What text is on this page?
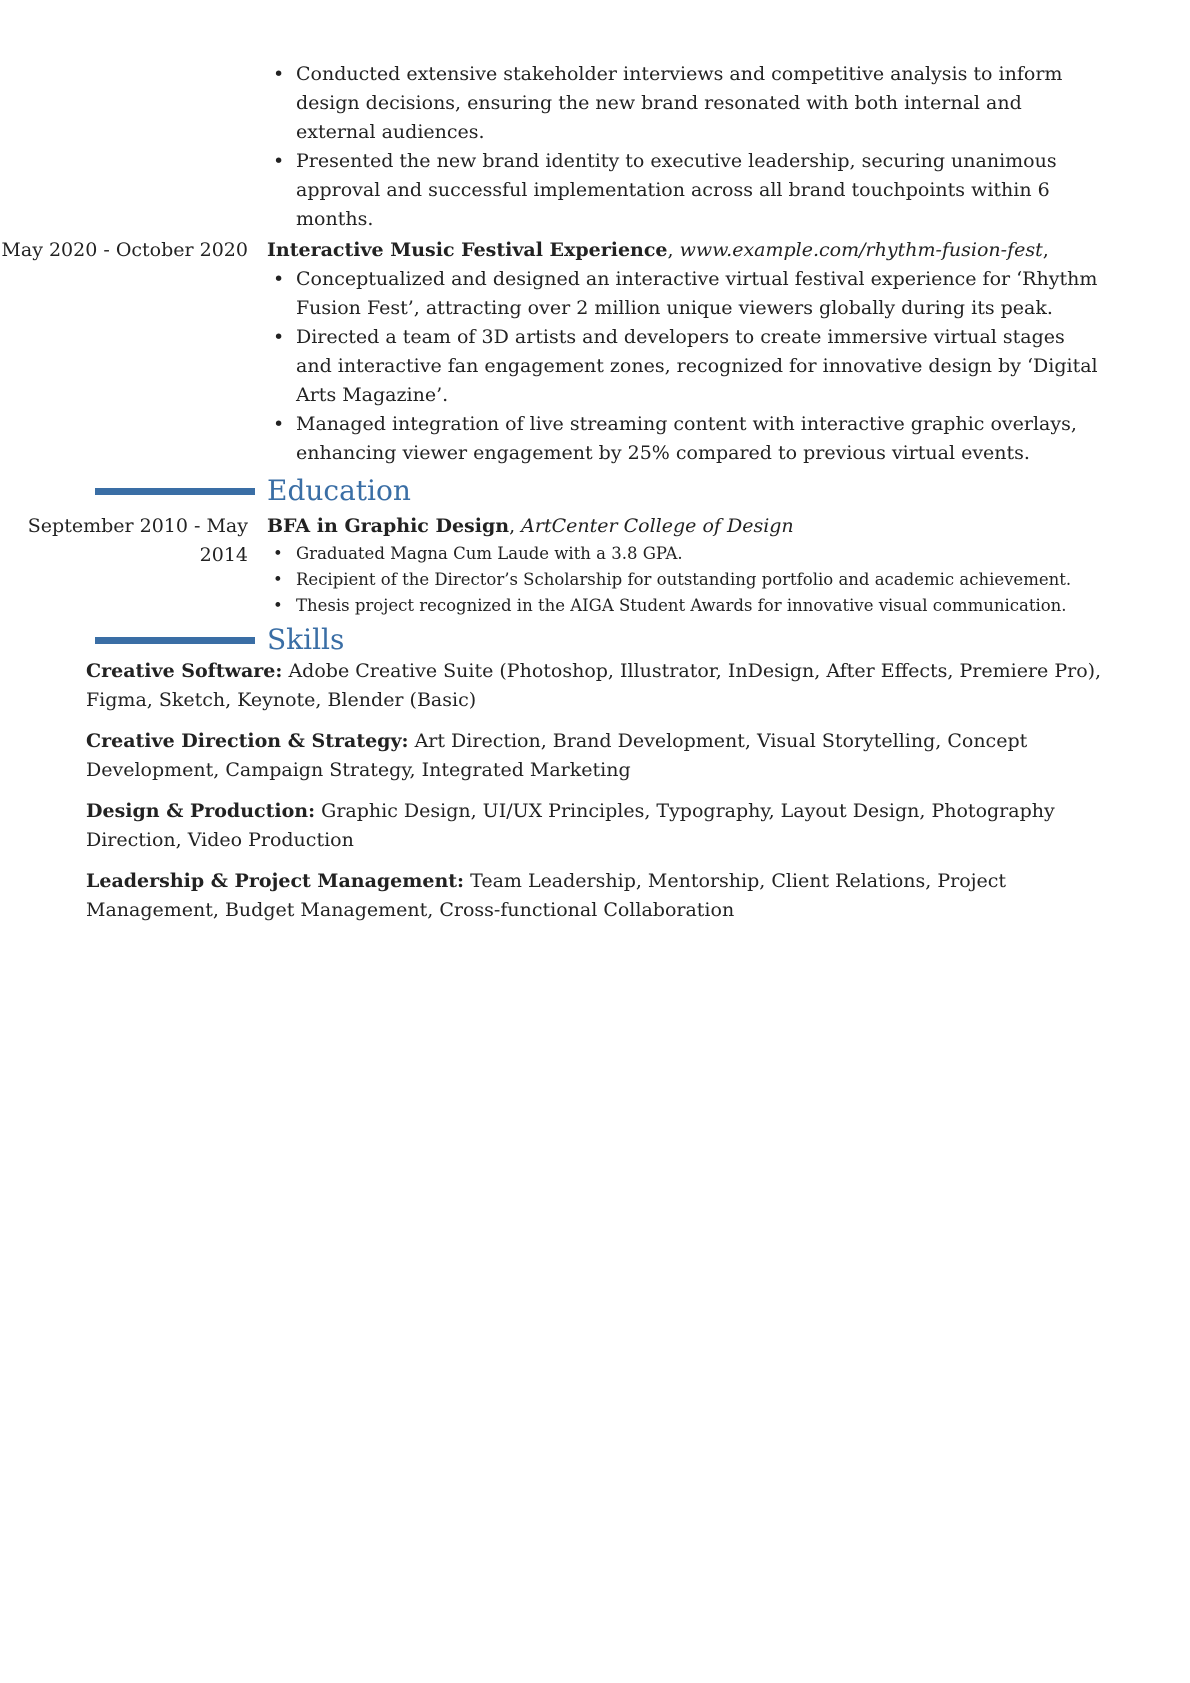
• Conducted extensive stakeholder interviews and competitive analysis to inform design decisions, ensuring the new brand resonated with both internal and external audiences.
• Presented the new brand identity to executive leadership, securing unanimous approval and successful implementation across all brand touchpoints within 6 months.
May 2020 - October 2020 Interactive Music Festival Experience, www.example.com/rhythm-fusion-fest,
• Conceptualized and designed an interactive virtual festival experience for ‘Rhythm Fusion Fest’, attracting over 2 million unique viewers globally during its peak.
• Directed a team of 3D artists and developers to create immersive virtual stages and interactive fan engagement zones, recognized for innovative design by ‘Digital Arts Magazine’.
• Managed integration of live streaming content with interactive graphic overlays, enhancing viewer engagement by 25% compared to previous virtual events.
Education
September 2010 - May 2014
BFA in Graphic Design, ArtCenter College of Design
• Graduated Magna Cum Laude with a 3.8 GPA.
• Recipient of the Director’s Scholarship for outstanding portfolio and academic achievement.
• Thesis project recognized in the AIGA Student Awards for innovative visual communication.
Skills
Creative Software: Adobe Creative Suite (Photoshop, Illustrator, InDesign, After Effects, Premiere Pro), Figma, Sketch, Keynote, Blender (Basic)
Creative Direction & Strategy: Art Direction, Brand Development, Visual Storytelling, Concept Development, Campaign Strategy, Integrated Marketing
Design & Production: Graphic Design, UI/UX Principles, Typography, Layout Design, Photography Direction, Video Production
Leadership & Project Management: Team Leadership, Mentorship, Client Relations, Project Management, Budget Management, Cross-functional Collaboration
